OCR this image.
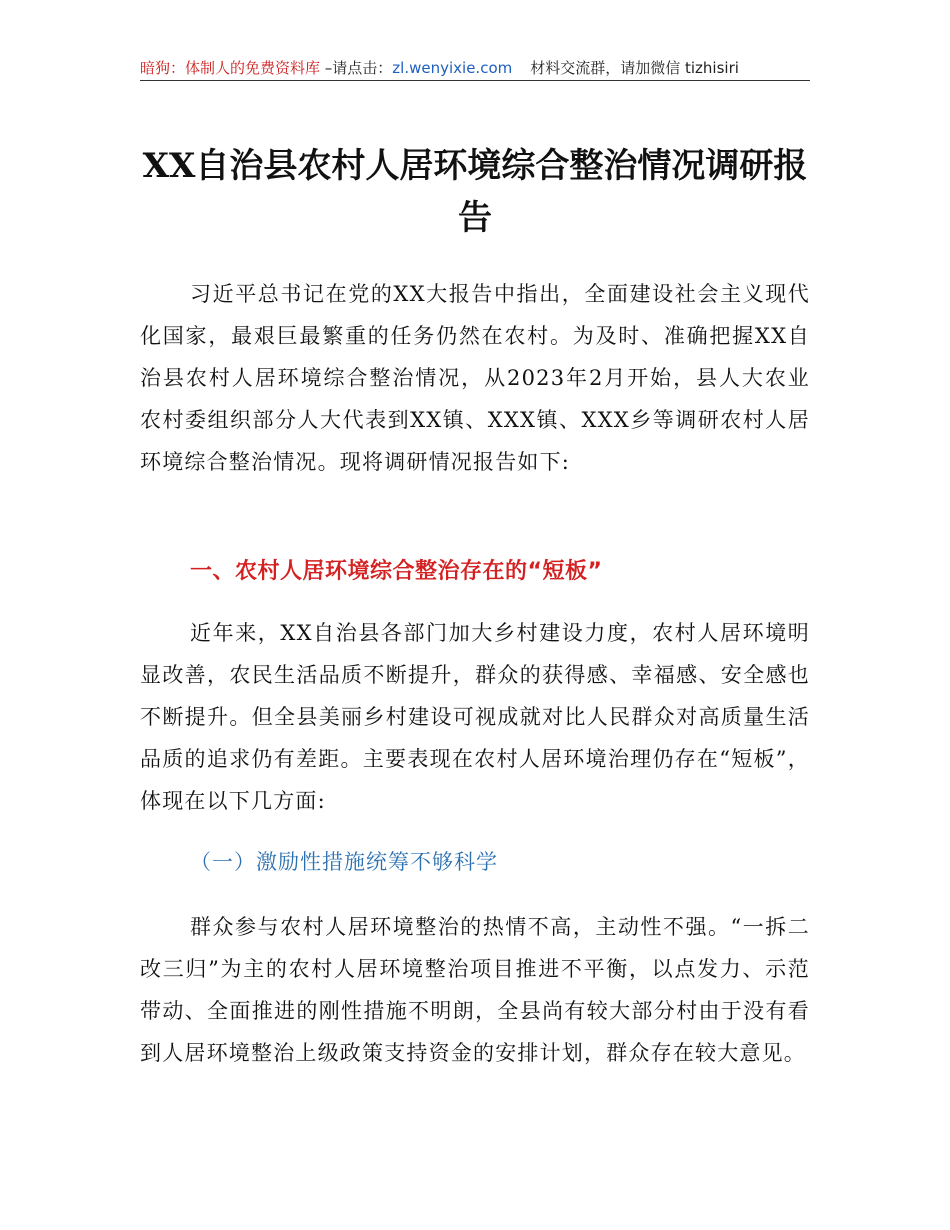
暗狗：体制人的免费资料库 –请点击：zl.wenyixie.com 材料交流群，请加微信 tizhisiri
XX自治县农村人居环境综合整治情况调研报告
习近平总书记在党的XX大报告中指出，全面建设社会主义现代化国家，最艰巨最繁重的任务仍然在农村。为及时、准确把握XX自治县农村人居环境综合整治情况，从2023年2月开始，县人大农业农村委组织部分人大代表到XX镇、XXX镇、XXX乡等调研农村人居环境综合整治情况。现将调研情况报告如下:
一、农村人居环境综合整治存在的“短板”
近年来，XX自治县各部门加大乡村建设力度，农村人居环境明显改善，农民生活品质不断提升，群众的获得感、幸福感、安全感也不断提升。但全县美丽乡村建设可视成就对比人民群众对高质量生活品质的追求仍有差距。主要表现在农村人居环境治理仍存在“短板”，体现在以下几方面:
（一）激励性措施统筹不够科学
群众参与农村人居环境整治的热情不高，主动性不强。“一拆二改三归”为主的农村人居环境整治项目推进不平衡，以点发力、示范带动、全面推进的刚性措施不明朗，全县尚有较大部分村由于没有看到人居环境整治上级政策支持资金的安排计划，群众存在较大意见。
